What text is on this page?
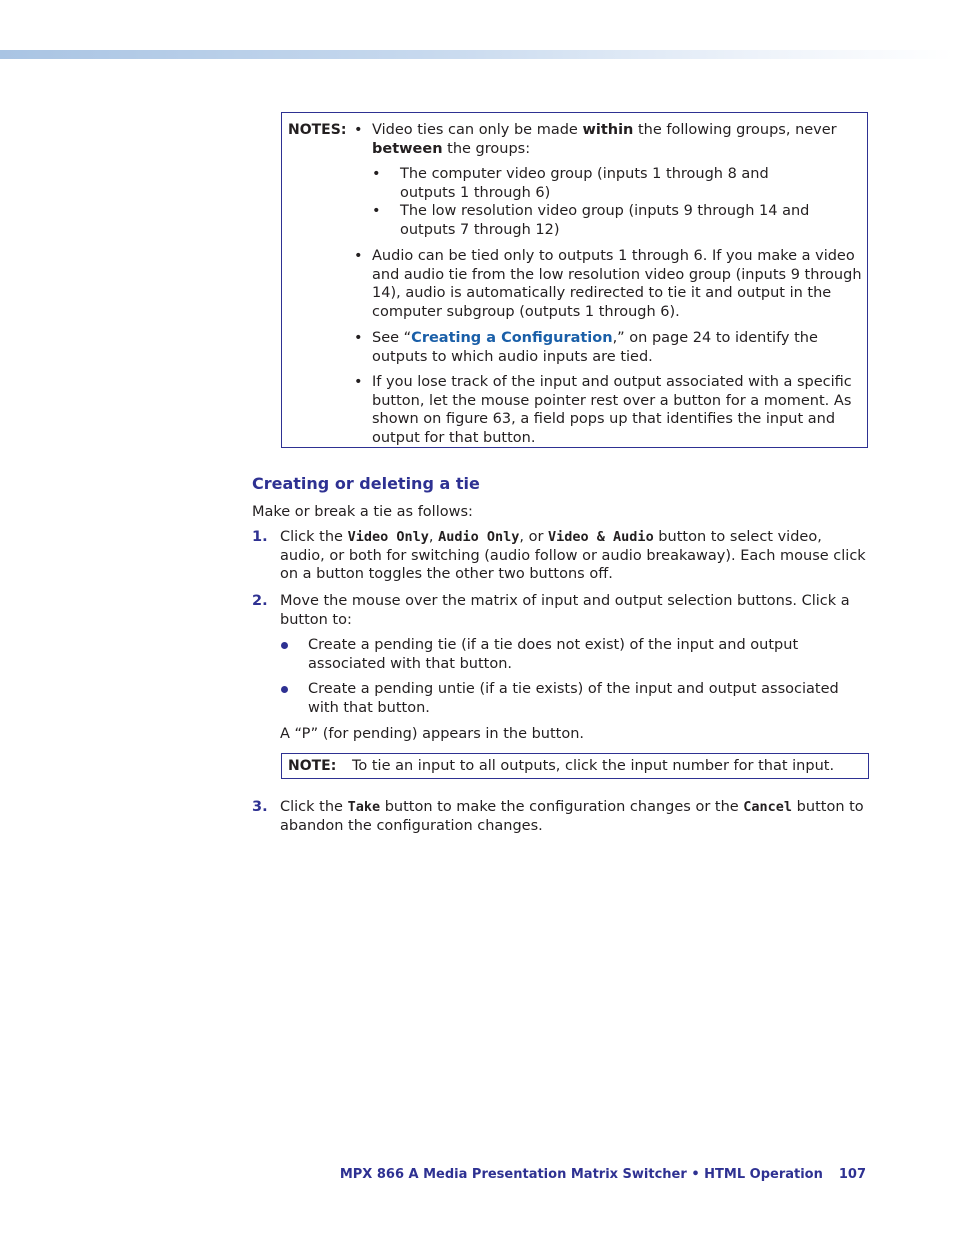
NOTES: • Video ties can only be made within the following groups, never between the groups:
• The computer video group (inputs 1 through 8 and outputs 1 through 6)
• The low resolution video group (inputs 9 through 14 and outputs 7 through 12)
• Audio can be tied only to outputs 1 through 6. If you make a video and audio tie from the low resolution video group (inputs 9 through 14), audio is automatically redirected to tie it and output in the computer subgroup (outputs 1 through 6).
• See “Creating a Configuration,” on page 24 to identify the outputs to which audio inputs are tied.
• If you lose track of the input and output associated with a specific button, let the mouse pointer rest over a button for a moment. As shown on figure 63, a field pops up that identifies the input and output for that button.
Creating or deleting a tie
Make or break a tie as follows:
1. Click the Video Only, Audio Only, or Video & Audio button to select video, audio, or both for switching (audio follow or audio breakaway). Each mouse click on a button toggles the other two buttons off.
2. Move the mouse over the matrix of input and output selection buttons. Click a button to:
Create a pending tie (if a tie does not exist) of the input and output associated with that button.
Create a pending untie (if a tie exists) of the input and output associated with that button.
A “P” (for pending) appears in the button.
NOTE: To tie an input to all outputs, click the input number for that input.
3. Click the Take button to make the configuration changes or the Cancel button to abandon the configuration changes.
MPX 866 A Media Presentation Matrix Switcher • HTML Operation 107
